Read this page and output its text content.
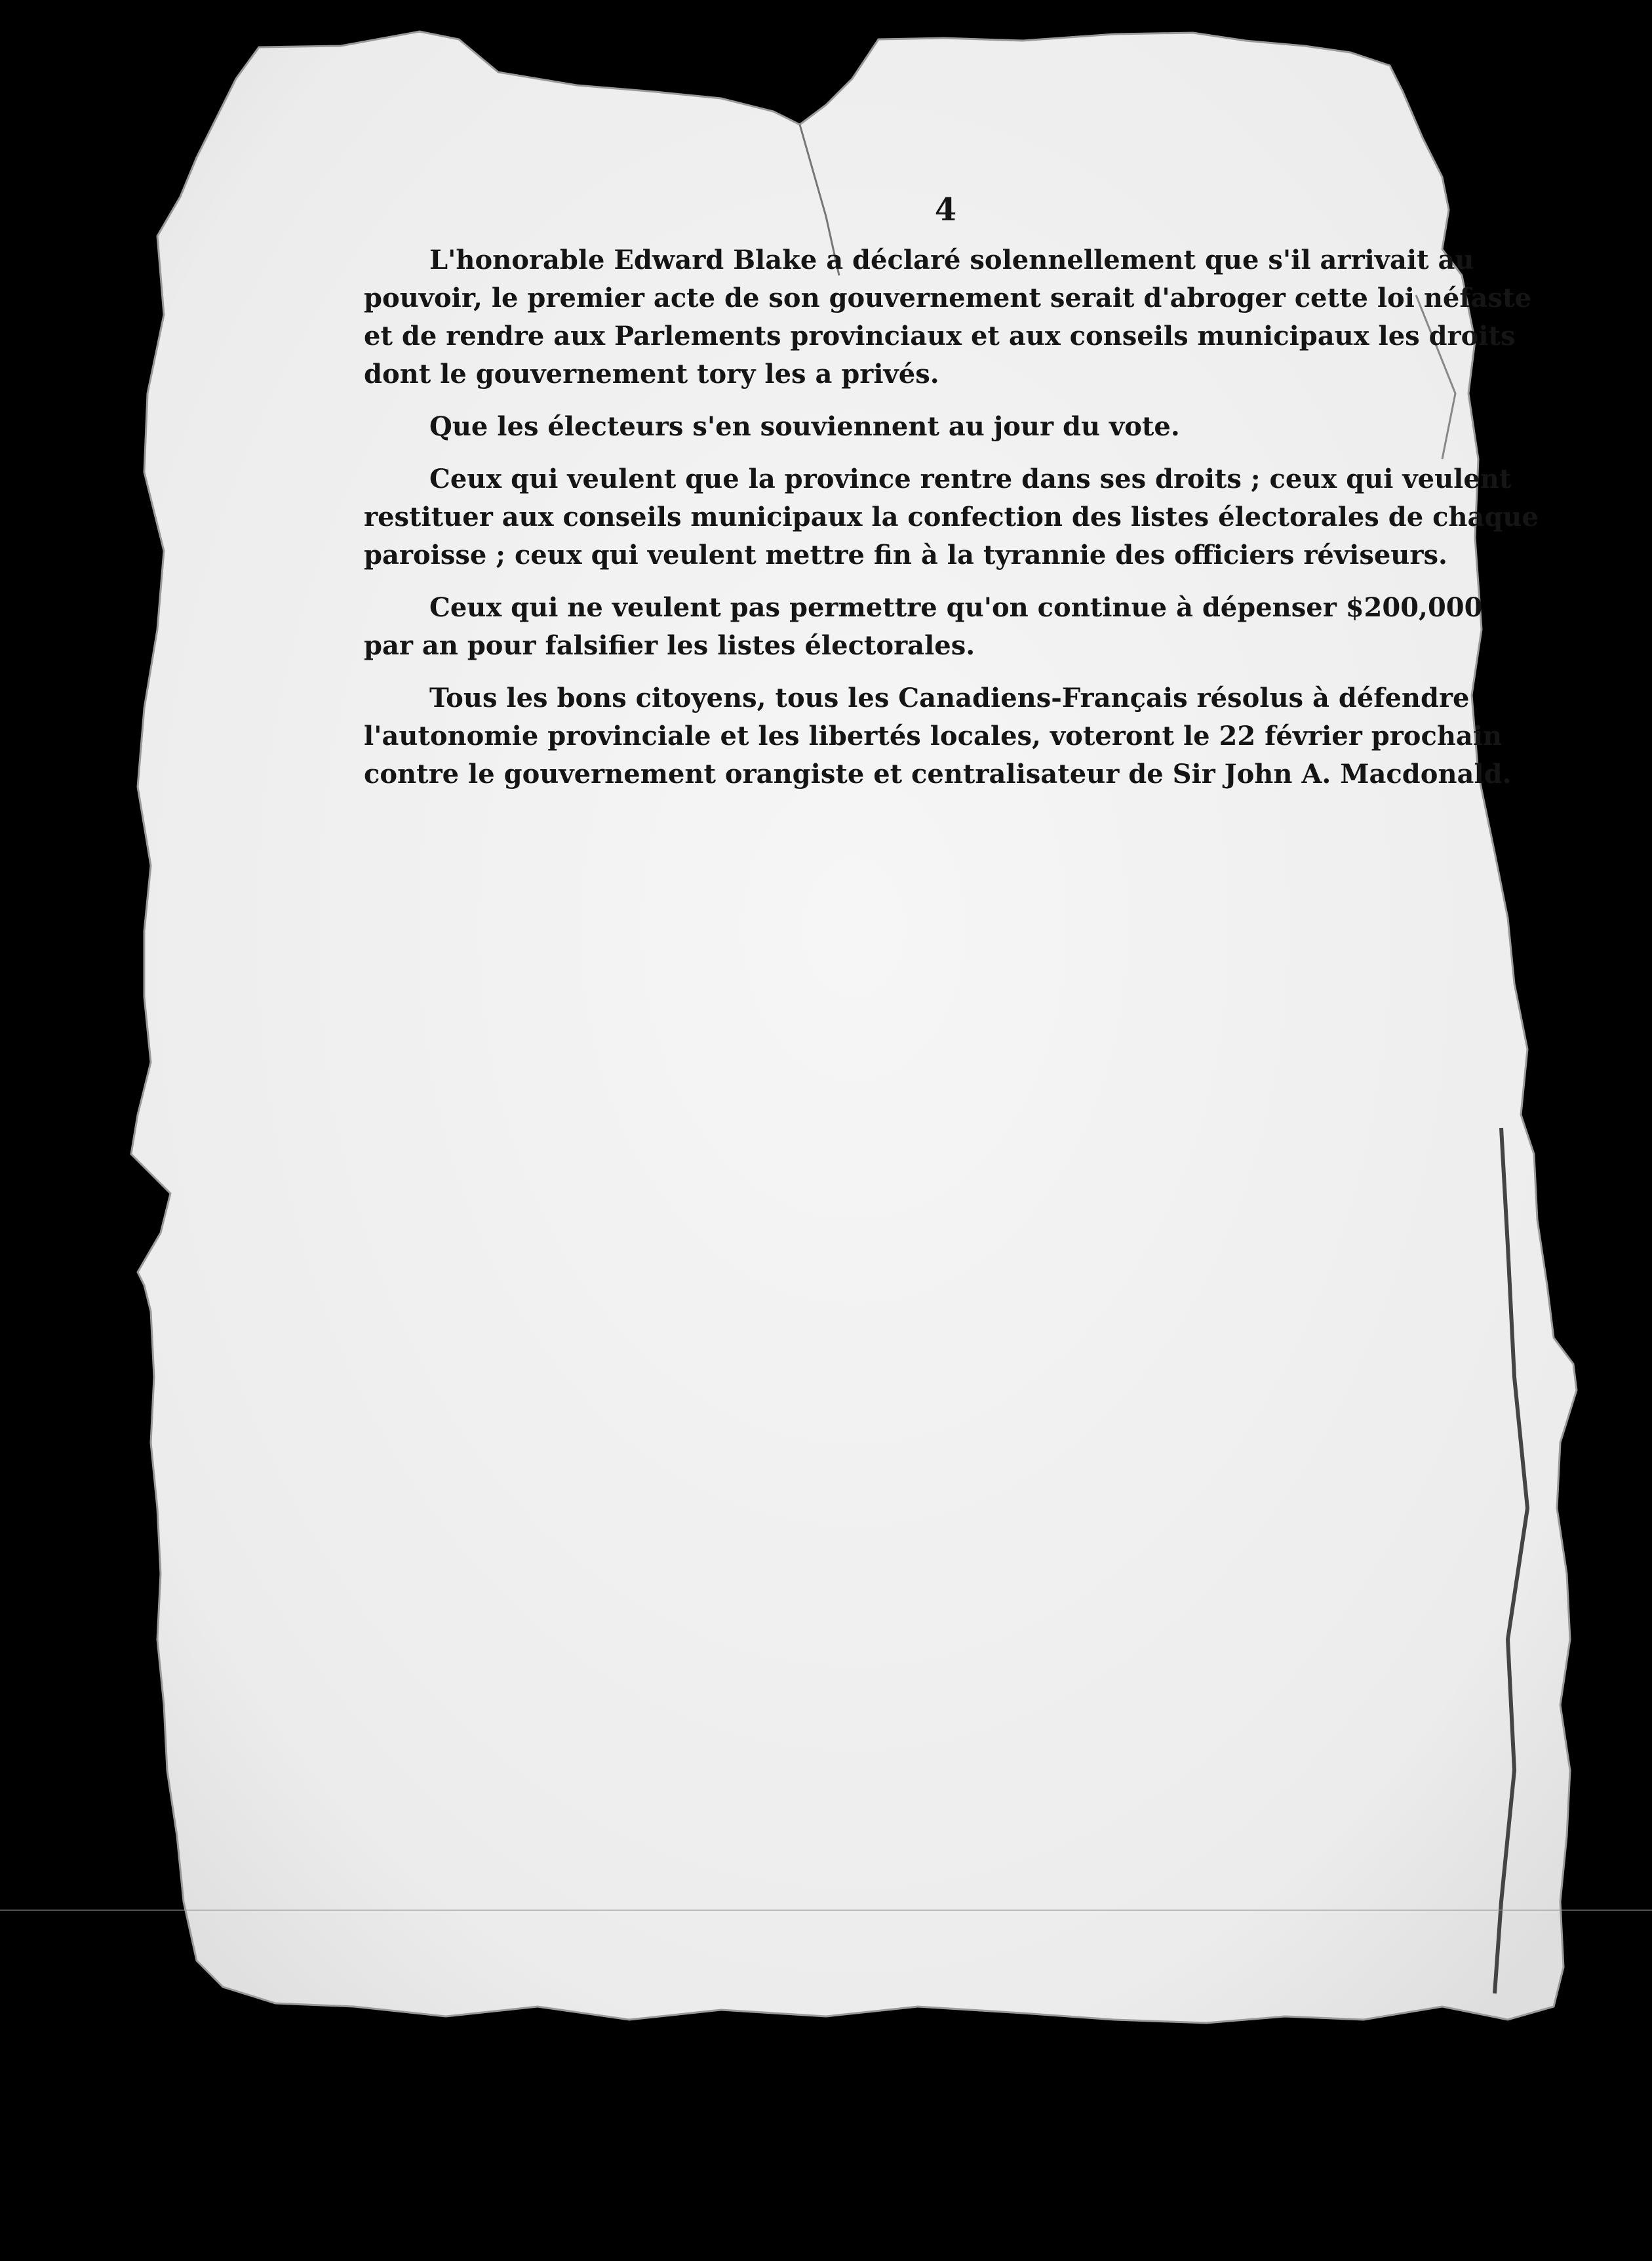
4
L'honorable Edward Blake a déclaré solennellement que s'il arrivait au
pouvoir, le premier acte de son gouvernement serait d'abroger cette loi néfaste
et de rendre aux Parlements provinciaux et aux conseils municipaux les droits
dont le gouvernement tory les a privés.
Que les électeurs s'en souviennent au jour du vote.
Ceux qui veulent que la province rentre dans ses droits ; ceux qui veulent
restituer aux conseils municipaux la confection des listes électorales de chaque
paroisse ; ceux qui veulent mettre fin à la tyrannie des officiers réviseurs.
Ceux qui ne veulent pas permettre qu'on continue à dépenser $200,000
par an pour falsifier les listes électorales.
Tous les bons citoyens, tous les Canadiens-Français résolus à défendre
l'autonomie provinciale et les libertés locales, voteront le 22 février prochain
contre le gouvernement orangiste et centralisateur de Sir John A. Macdonald.
